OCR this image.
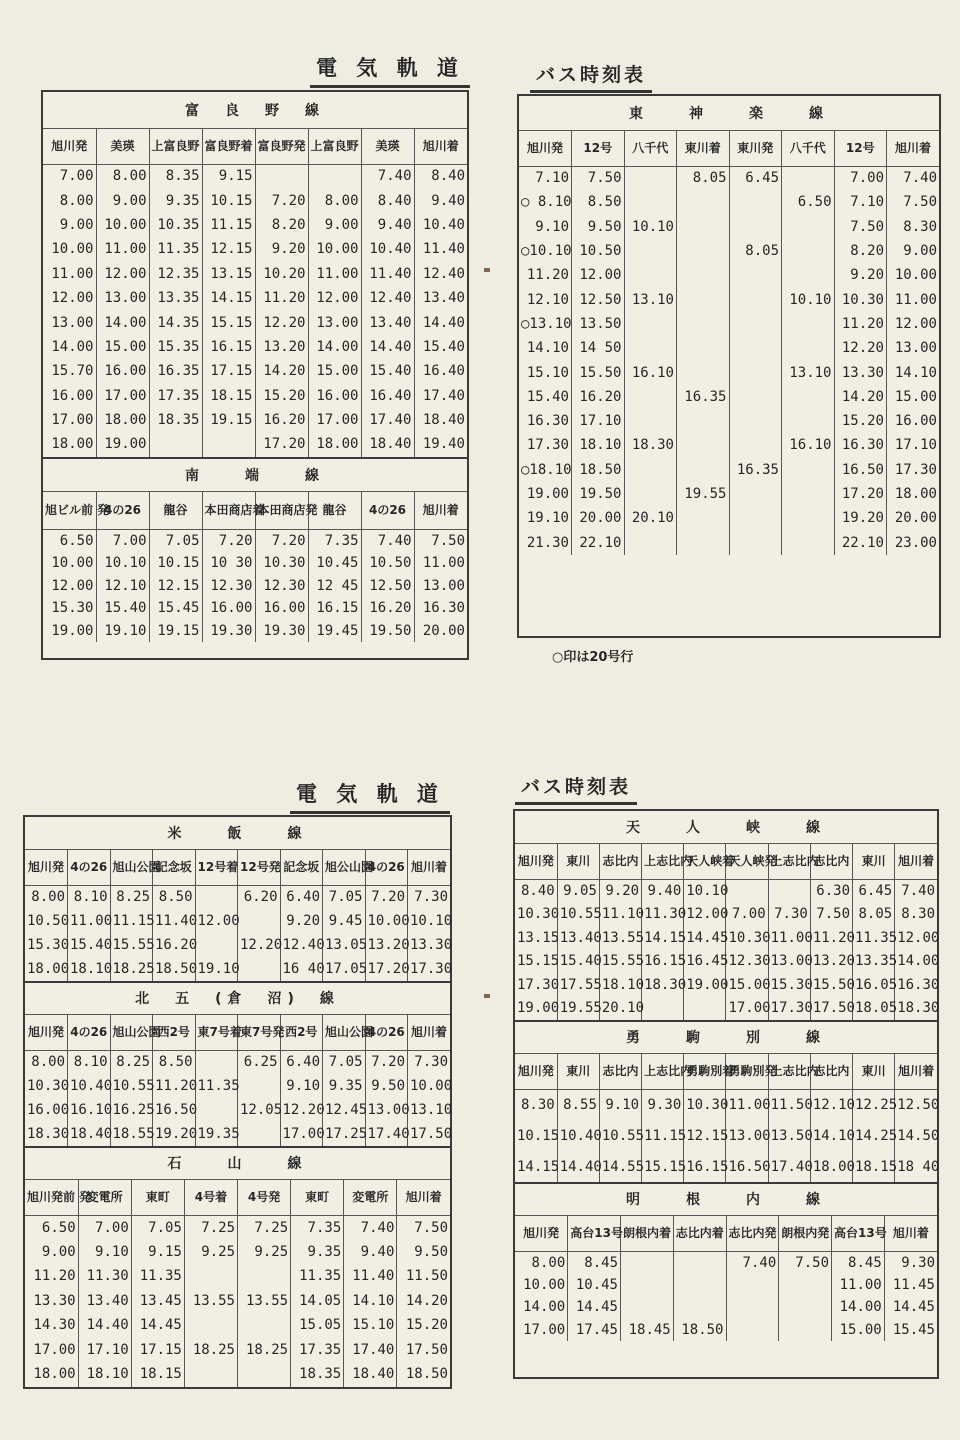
電 気 軌 道	バス時刻表
電 気 軌 道	バス時刻表
富　良　野　線							
旭川発	美瑛	上富良野	富良野着	富良野発	上富良野	美瑛	旭川着
7.00	8.00	8.35	9.15			7.40	8.40
8.00	9.00	9.35	10.15	7.20	8.00	8.40	9.40
9.00	10.00	10.35	11.15	8.20	9.00	9.40	10.40
10.00	11.00	11.35	12.15	9.20	10.00	10.40	11.40
11.00	12.00	12.35	13.15	10.20	11.00	11.40	12.40
12.00	13.00	13.35	14.15	11.20	12.00	12.40	13.40
13.00	14.00	14.35	15.15	12.20	13.00	13.40	14.40
14.00	15.00	15.35	16.15	13.20	14.00	14.40	15.40
15.70	16.00	16.35	17.15	14.20	15.00	15.40	16.40
16.00	17.00	17.35	18.15	15.20	16.00	16.40	17.40
17.00	18.00	18.35	19.15	16.20	17.00	17.40	18.40
18.00	19.00			17.20	18.00	18.40	19.40
南　　端　　線							
旭ビル前 発	4の26	龍谷	本田商店着	本田商店発	龍谷	4の26	旭川着
6.50	7.00	7.05	7.20	7.20	7.35	7.40	7.50
10.00	10.10	10.15	10 30	10.30	10.45	10.50	11.00
12.00	12.10	12.15	12.30	12.30	12 45	12.50	13.00
15.30	15.40	15.45	16.00	16.00	16.15	16.20	16.30
19.00	19.10	19.15	19.30	19.30	19.45	19.50	20.00
東　　神　　楽　　線							
旭川発	12号	八千代	東川着	東川発	八千代	12号	旭川着
7.10	7.50		8.05	6.45		7.00	7.40
○ 8.10	8.50				6.50	7.10	7.50
9.10	9.50	10.10				7.50	8.30
○10.10	10.50			8.05		8.20	9.00
11.20	12.00					9.20	10.00
12.10	12.50	13.10			10.10	10.30	11.00
○13.10	13.50					11.20	12.00
14.10	14 50					12.20	13.00
15.10	15.50	16.10			13.10	13.30	14.10
15.40	16.20		16.35			14.20	15.00
16.30	17.10					15.20	16.00
17.30	18.10	18.30			16.10	16.30	17.10
○18.10	18.50			16.35		16.50	17.30
19.00	19.50		19.55			17.20	18.00
19.10	20.00	20.10				19.20	20.00
21.30	22.10					22.10	23.00
○印は20号行
米　　飯　　線									
旭川発	4の26	旭山公園	記念坂	12号着	12号発	記念坂	旭公山園	4の26	旭川着
8.00	8.10	8.25	8.50		6.20	6.40	7.05	7.20	7.30
10.50	11.00	11.15	11.40	12.00		9.20	9.45	10.00	10.10
15.30	15.40	15.55	16.20		12.20	12.40	13.05	13.20	13.30
18.00	18.10	18.25	18.50	19.10		16 40	17.05	17.20	17.30
北　五　(倉　沼)　線									
旭川発	4の26	旭山公園	西2号	東7号着	東7号発	西2号	旭山公園	4の26	旭川着
8.00	8.10	8.25	8.50		6.25	6.40	7.05	7.20	7.30
10.30	10.40	10.55	11.20	11.35		9.10	9.35	9.50	10.00
16.00	16.10	16.25	16.50		12.05	12.20	12.45	13.00	13.10
18.30	18.40	18.55	19.20	19.35		17.00	17.25	17.40	17.50
石　　山　　線							
旭川発前 発	変電所	東町	4号着	4号発	東町	変電所	旭川着
6.50	7.00	7.05	7.25	7.25	7.35	7.40	7.50
9.00	9.10	9.15	9.25	9.25	9.35	9.40	9.50
11.20	11.30	11.35			11.35	11.40	11.50
13.30	13.40	13.45	13.55	13.55	14.05	14.10	14.20
14.30	14.40	14.45			15.05	15.10	15.20
17.00	17.10	17.15	18.25	18.25	17.35	17.40	17.50
18.00	18.10	18.15			18.35	18.40	18.50
天　　人　　峡　　線									
旭川発	東川	志比内	上志比内	天人峡着	天人峡発	上志比内	志比内	東川	旭川着
8.40	9.05	9.20	9.40	10.10			6.30	6.45	7.40
10.30	10.55	11.10	11.30	12.00	7.00	7.30	7.50	8.05	8.30
13.15	13.40	13.55	14.15	14.45	10.30	11.00	11.20	11.35	12.00
15.15	15.40	15.55	16.15	16.45	12.30	13.00	13.20	13.35	14.00
17.30	17.55	18.10	18.30	19.00	15.00	15.30	15.50	16.05	16.30
19.00	19.55	20.10			17.00	17.30	17.50	18.05	18.30
勇　　駒　　別　　線									
旭川発	東川	志比内	上志比内	勇駒別着	勇駒別発	上志比内	志比内	東川	旭川着
8.30	8.55	9.10	9.30	10.30	11.00	11.50	12.10	12.25	12.50
10.15	10.40	10.55	11.15	12.15	13.00	13.50	14.10	14.25	14.50
14.15	14.40	14.55	15.15	16.15	16.50	17.40	18.00	18.15	18 40
明　　根　　内　　線							
旭川発	高台13号	朗根内着	志比内着	志比内発	朗根内発	高台13号	旭川着
8.00	8.45			7.40	7.50	8.45	9.30
10.00	10.45					11.00	11.45
14.00	14.45					14.00	14.45
17.00	17.45	18.45	18.50			15.00	15.45
